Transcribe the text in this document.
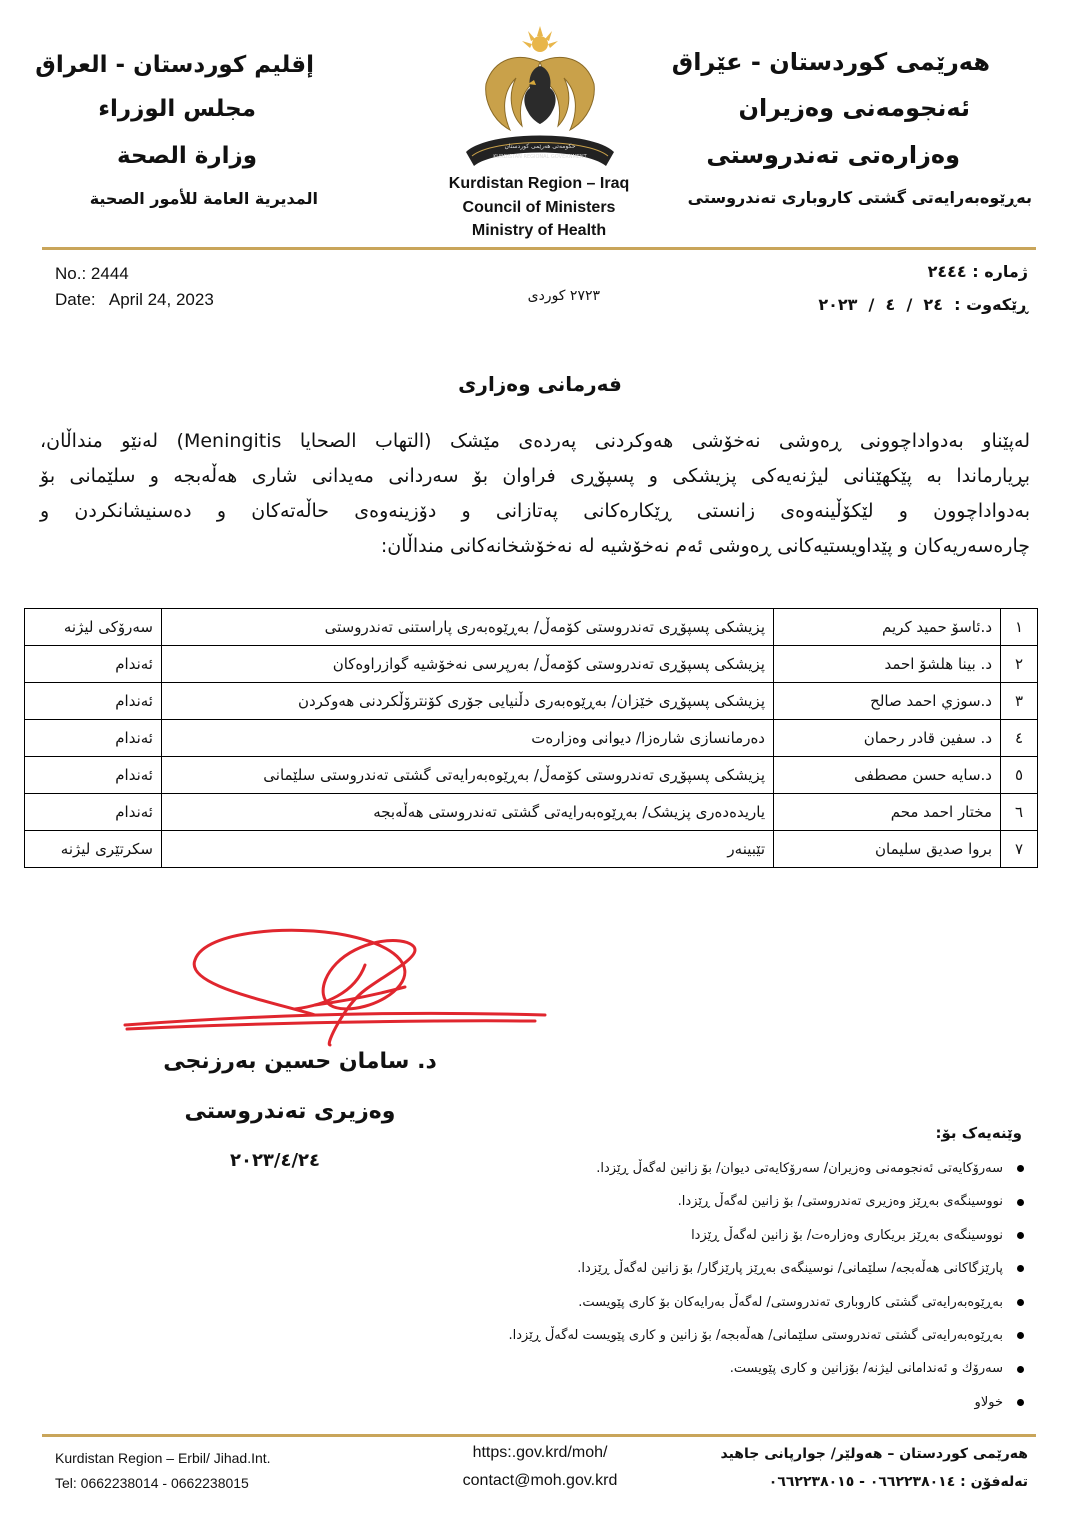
إقليم كوردستان - العراق
مجلس الوزراء
وزارة الصحة
المديرية العامة للأمور الصحية
هەرێمی کوردستان - عێراق
ئەنجومەنی وەزیران
وەزارەتی تەندروستی
بەڕێوەبەرایەتی گشتی کاروباری تەندروستی
حکومەتی هەرێمی کوردستان
KURDISTAN REGIONAL GOVERNMENT
Kurdistan Region – Iraq
Council of Ministers
Ministry of Health
No.: 2444
Date: April 24, 2023	٢٧٢٣ کوردی
ژمارە : ٢٤٤٤
ڕێکەوت :  ٢٤  /  ٤  /  ٢٠٢٣
فەرمانی وەزاری
لەپێناو بەدواداچوونی ڕەوشی نەخۆشی هەوکردنی پەردەی مێشک (التهاب الصحايا Meningitis) لەنێو منداڵان،
بڕیارماندا بە پێکهێنانی لیژنەیەکی پزیشکی و پسپۆڕی فراوان بۆ سەردانی مەیدانی شاری هەڵەبجە و سلێمانی بۆ
بەدواداچوون و لێکۆڵینەوەی زانستی ڕێکارەکانی پەتازانی و دۆزینەوەی حاڵەتەکان و دەسنیشانکردن و
چارەسەریەکان و پێداویستیەکانی ڕەوشی ئەم نەخۆشیە لە نەخۆشخانەکانی منداڵان:
١	د.ئاسۆ حمید کریم	پزیشکی پسپۆڕی تەندروستی کۆمەڵ/ بەڕێوەبەری پاراستنی تەندروستی	سەرۆکی لیژنە
٢	د. بینا هلشۆ احمد	پزیشکی پسپۆڕی تەندروستی کۆمەڵ/ بەرپرسی نەخۆشیە گوازراوەکان	ئەندام
٣	د.سوزي احمد صالح	پزیشکی پسپۆڕی خێزان/ بەڕێوەبەری دڵنیایی جۆری کۆنترۆڵکردنی هەوکردن	ئەندام
٤	د. سفین قادر رحمان	دەرمانسازی شارەزا/ دیوانی وەزارەت	ئەندام
٥	د.سايه حسن مصطفى	پزیشکی پسپۆڕی تەندروستی کۆمەڵ/ بەڕێوەبەرایەتی گشتی تەندروستی سلێمانی	ئەندام
٦	مختار احمد محم	یاریدەدەری پزیشک/ بەڕێوەبەرایەتی گشتی تەندروستی هەڵەبجە	ئەندام
٧	بروا صدیق سلیمان	تێبینەر	سکرتێری لیژنە
د. سامان حسین بەرزنجی
وەزیری تەندروستی
٢٠٢٣/٤/٢٤
وێنەیەک بۆ:
سەرۆکایەتی ئەنجومەنی وەزیران/ سەرۆکایەتی دیوان/ بۆ زانین لەگەڵ ڕێزدا.
نووسینگەی بەڕێز وەزیری تەندروستی/ بۆ زانین لەگەڵ ڕێزدا.
نووسینگەی بەڕێز بریکاری وەزارەت/ بۆ زانین لەگەڵ ڕێزدا
پارێزگاکانی هەڵەبجە/ سلێمانی/ نوسینگەی بەڕێز پارێزگار/ بۆ زانین لەگەڵ ڕێزدا.
بەڕێوەبەرایەتی گشتی کاروباری تەندروستی/ لەگەڵ بەرایەکان بۆ کاری پێویست.
بەڕێوەبەرایەتی گشتی تەندروستی سلێمانی/ هەڵەبجە/ بۆ زانین و کاری پێویست لەگەڵ ڕێزدا.
سەرۆك و ئەندامانی لیژنە/ بۆزانین و کاری پێویست.
خولاو
Kurdistan Region – Erbil/ Jihad.Int.
Tel: 0662238014 - 0662238015
https:.gov.krd/moh/
contact@moh.gov.krd
هەرێمی کوردستان – هەولێر/ جوارپانی جاهید
تەلەفۆن : ٠٦٦٢٢٣٨٠١٤ - ٠٦٦٢٢٣٨٠١٥
